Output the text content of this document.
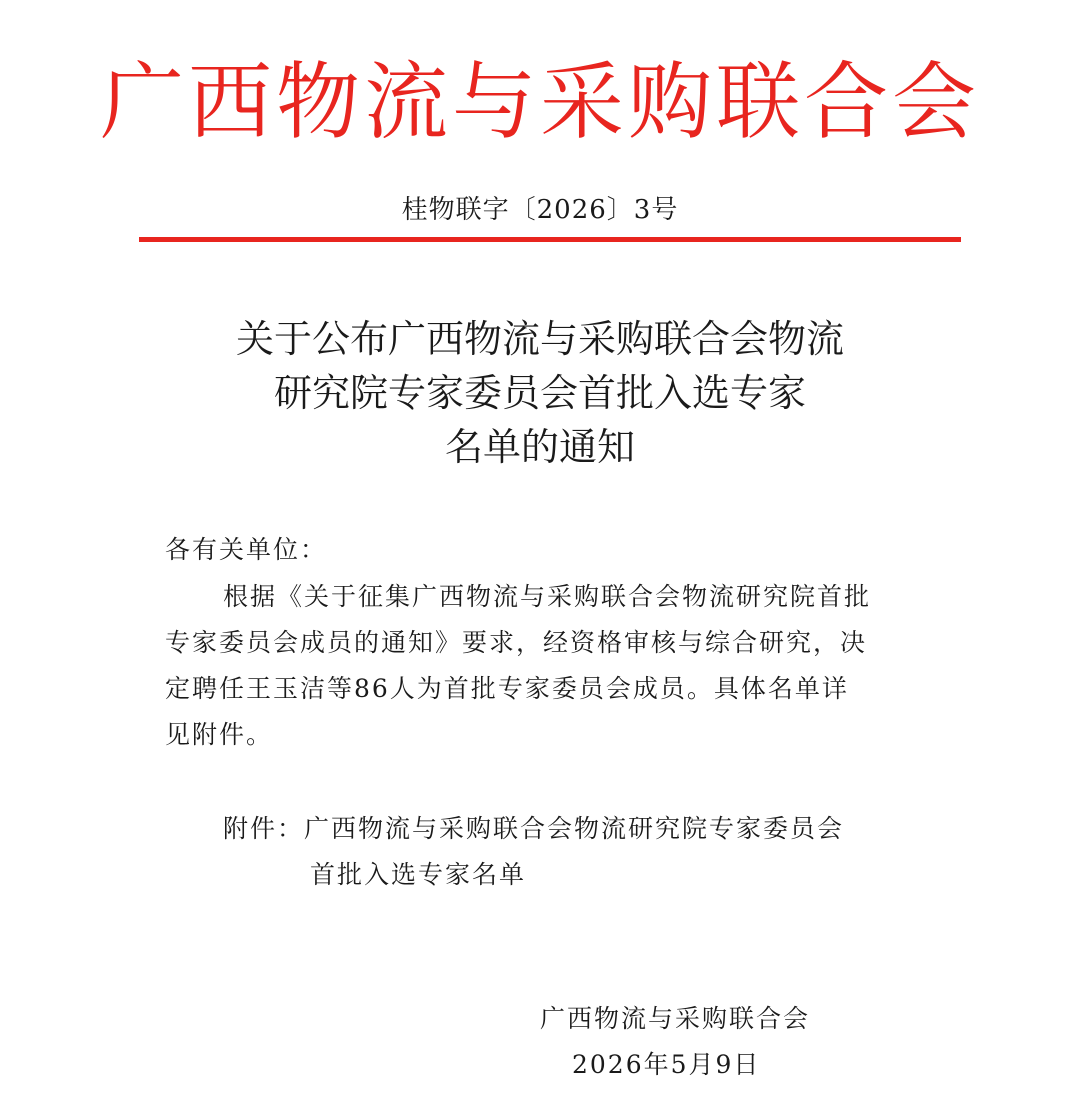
广西物流与采购联合会
桂物联字〔2026〕3号
关于公布广西物流与采购联合会物流
研究院专家委员会首批入选专家
名单的通知
各有关单位：
根据《关于征集广西物流与采购联合会物流研究院首批
专家委员会成员的通知》要求，经资格审核与综合研究，决
定聘任王玉洁等86人为首批专家委员会成员。具体名单详
见附件。
附件：广西物流与采购联合会物流研究院专家委员会
首批入选专家名单
广西物流与采购联合会
2026年5月9日
